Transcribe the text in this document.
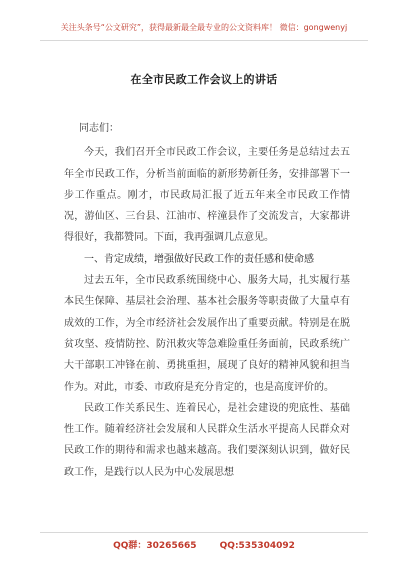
关注头条号“公文研究”，获得最新最全最专业的公文资料库！ 微信：gongwenyj
在全市民政工作会议上的讲话

同志们：

今天，我们召开全市民政工作会议，主要任务是总结过去五年全市民政工作，分析当前面临的新形势新任务，安排部署下一步工作重点。刚才，市民政局汇报了近五年来全市民政工作情况，游仙区、三台县、江油市、梓潼县作了交流发言，大家都讲得很好，我都赞同。下面，我再强调几点意见。

一、肯定成绩，增强做好民政工作的责任感和使命感

过去五年，全市民政系统围绕中心、服务大局，扎实履行基本民生保障、基层社会治理、基本社会服务等职责做了大量卓有成效的工作，为全市经济社会发展作出了重要贡献。特别是在脱贫攻坚、疫情防控、防汛救灾等急难险重任务面前，民政系统广大干部职工冲锋在前、勇挑重担，展现了良好的精神风貌和担当作为。对此，市委、市政府是充分肯定的，也是高度评价的。

民政工作关系民生、连着民心，是社会建设的兜底性、基础性工作。随着经济社会发展和人民群众生活水平提高人民群众对民政工作的期待和需求也越来越高。我们要深刻认识到，做好民政工作，是践行以人民为中心发展思想

QQ群：30265665	QQ:535304092
